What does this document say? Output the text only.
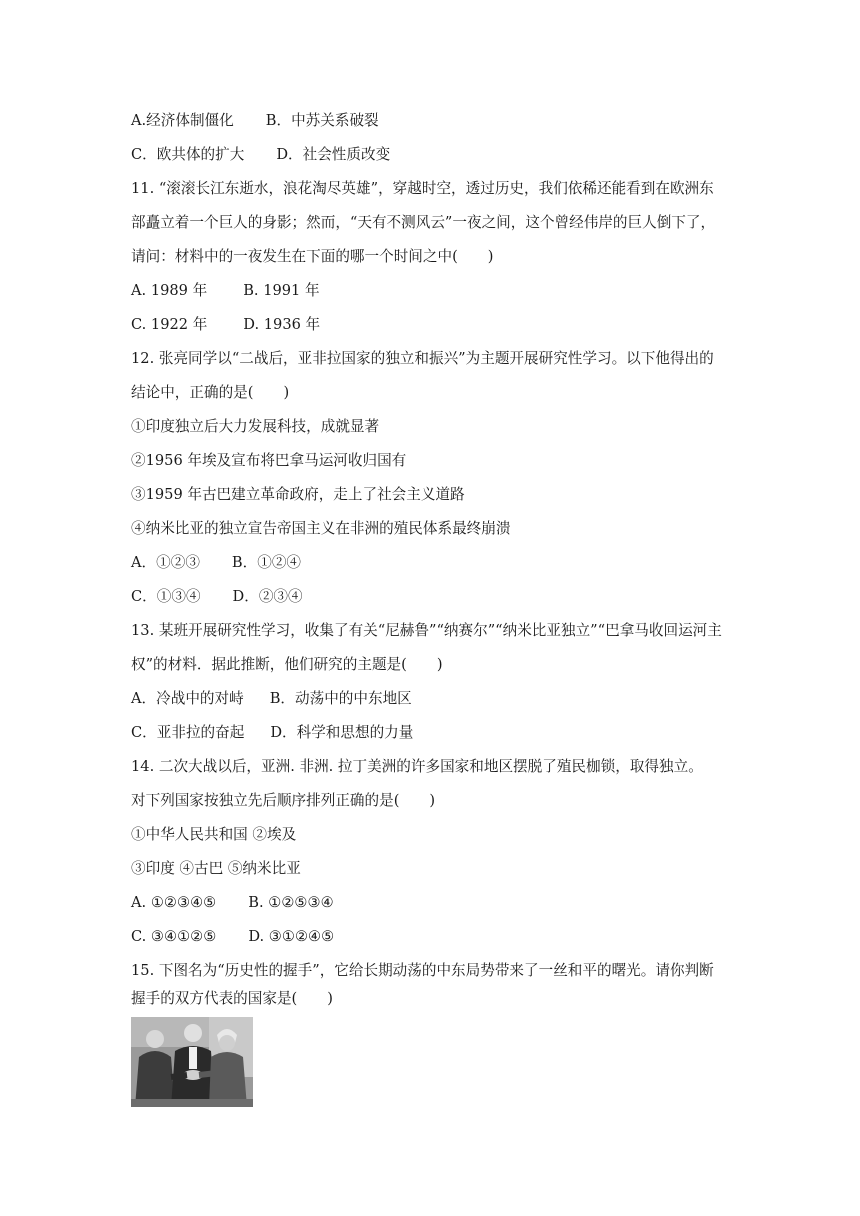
A.经济体制僵化 B．中苏关系破裂
C．欧共体的扩大 D．社会性质改变
11. “滚滚长江东逝水，浪花淘尽英雄”，穿越时空，透过历史，我们依稀还能看到在欧洲东
部矗立着一个巨人的身影；然而，“天有不测风云”一夜之间，这个曾经伟岸的巨人倒下了，
请问：材料中的一夜发生在下面的哪一个时间之中( )
A. 1989 年 B. 1991 年
C. 1922 年 D. 1936 年
12. 张亮同学以“二战后，亚非拉国家的独立和振兴”为主题开展研究性学习。以下他得出的
结论中，正确的是( )
①印度独立后大力发展科技，成就显著
②1956 年埃及宣布将巴拿马运河收归国有
③1959 年古巴建立革命政府，走上了社会主义道路
④纳米比亚的独立宣告帝国主义在非洲的殖民体系最终崩溃
A．①②③ B．①②④
C．①③④ D．②③④
13. 某班开展研究性学习，收集了有关“尼赫鲁”“纳赛尔”“纳米比亚独立”“巴拿马收回运河主
权”的材料．据此推断，他们研究的主题是( )
A．冷战中的对峙 B．动荡中的中东地区
C．亚非拉的奋起 D．科学和思想的力量
14. 二次大战以后，亚洲. 非洲. 拉丁美洲的许多国家和地区摆脱了殖民枷锁，取得独立。
对下列国家按独立先后顺序排列正确的是( )
①中华人民共和国 ②埃及
③印度 ④古巴 ⑤纳米比亚
A. ①②③④⑤ B. ①②⑤③④
C. ③④①②⑤ D. ③①②④⑤
15. 下图名为“历史性的握手”，它给长期动荡的中东局势带来了一丝和平的曙光。请你判断
握手的双方代表的国家是( )
